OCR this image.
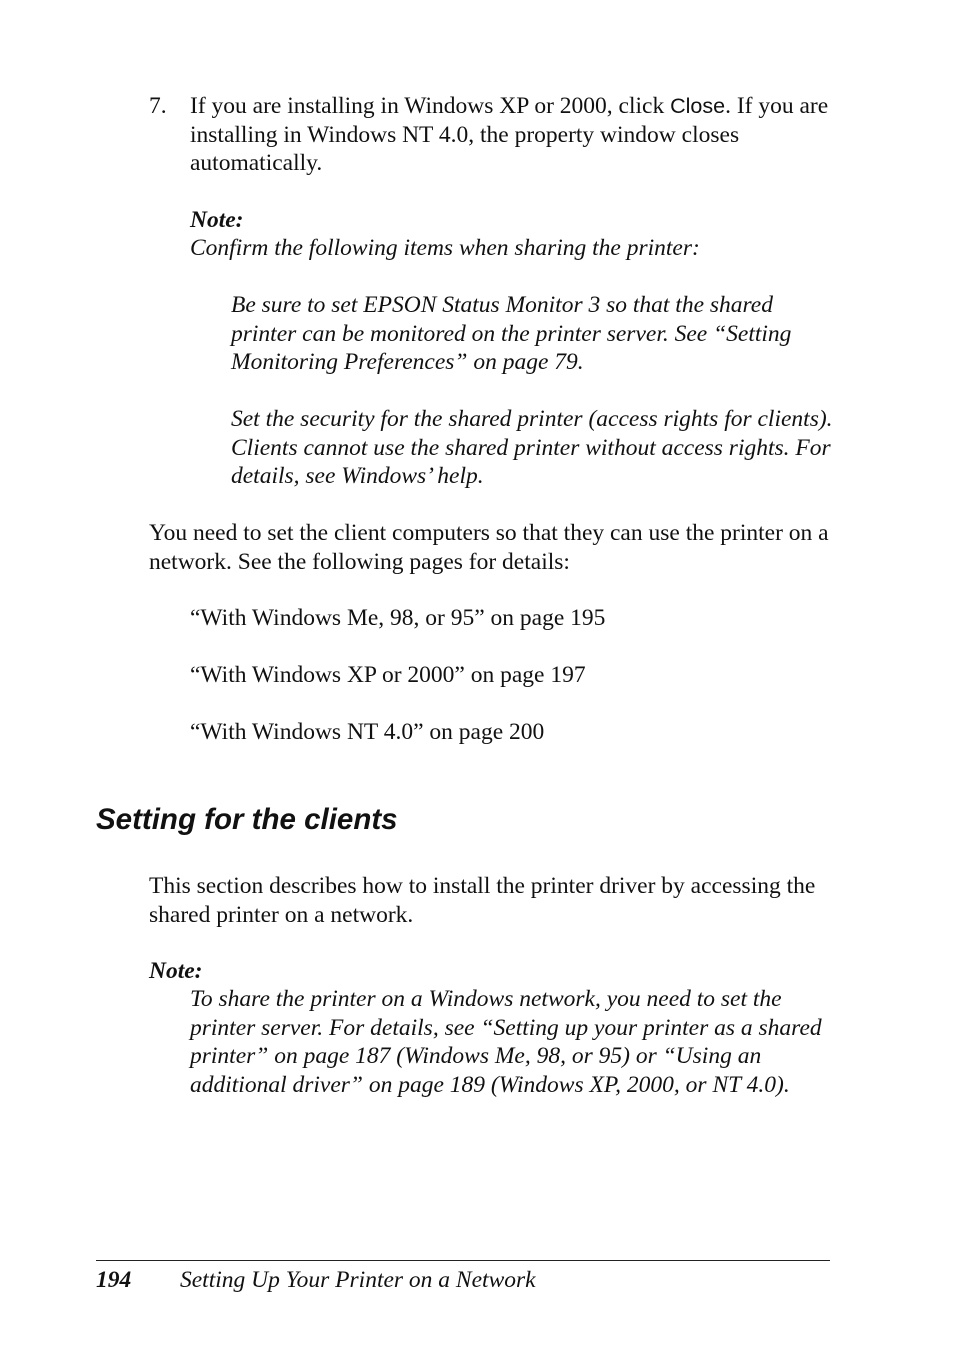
7. If you are installing in Windows XP or 2000, click Close. If you are installing in Windows NT 4.0, the property window closes automatically.
Note:
Confirm the following items when sharing the printer:
Be sure to set EPSON Status Monitor 3 so that the shared printer can be monitored on the printer server. See “Setting Monitoring Preferences” on page 79.
Set the security for the shared printer (access rights for clients). Clients cannot use the shared printer without access rights. For details, see Windows’ help.
You need to set the client computers so that they can use the printer on a network. See the following pages for details:
“With Windows Me, 98, or 95” on page 195
“With Windows XP or 2000” on page 197
“With Windows NT 4.0” on page 200
Setting for the clients
This section describes how to install the printer driver by accessing the shared printer on a network.
Note:
To share the printer on a Windows network, you need to set the printer server. For details, see “Setting up your printer as a shared printer” on page 187 (Windows Me, 98, or 95) or “Using an additional driver” on page 189 (Windows XP, 2000, or NT 4.0).
194 Setting Up Your Printer on a Network
